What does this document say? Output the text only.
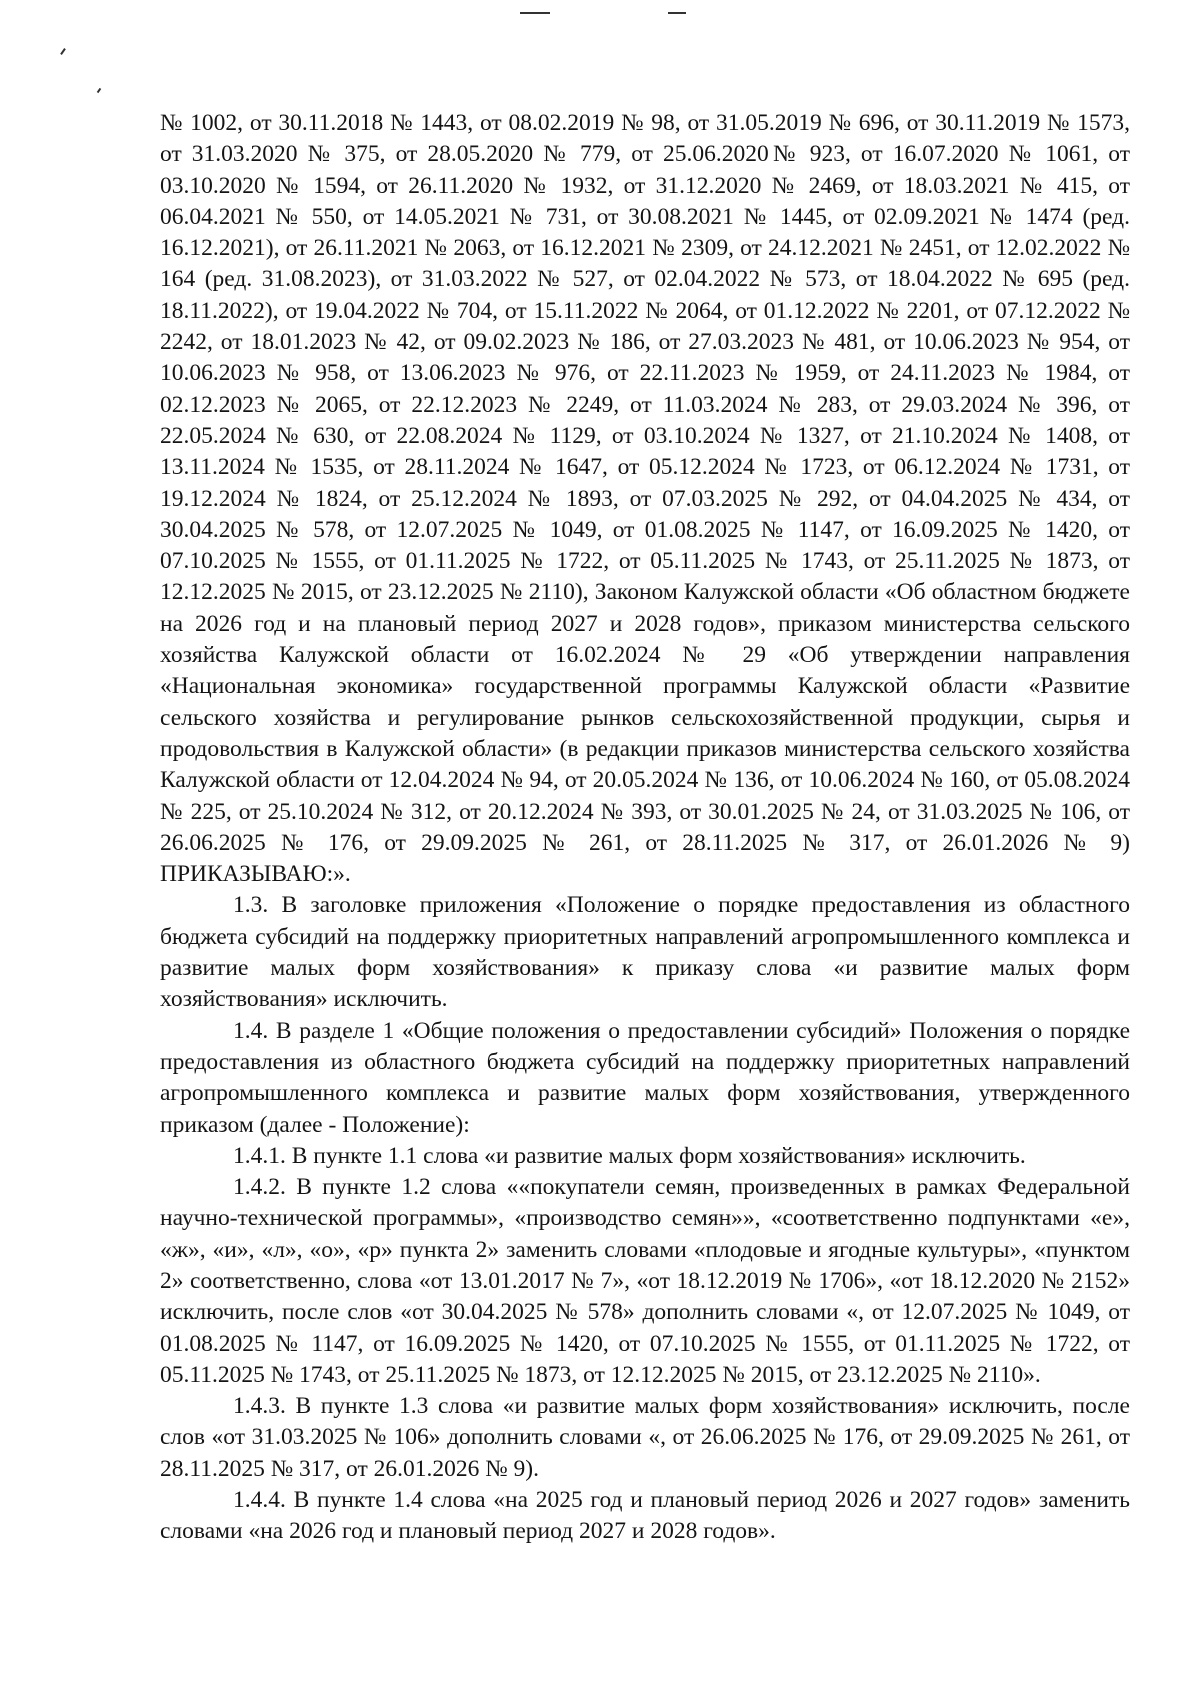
№ 1002, от 30.11.2018 № 1443, от 08.02.2019 № 98, от 31.05.2019 № 696, от 30.11.2019 № 1573, от 31.03.2020 № 375, от 28.05.2020 № 779, от 25.06.2020№ 923, от 16.07.2020 № 1061, от 03.10.2020 № 1594, от 26.11.2020 № 1932, от 31.12.2020 № 2469, от 18.03.2021 № 415, от 06.04.2021 № 550, от 14.05.2021 № 731, от 30.08.2021 № 1445, от 02.09.2021 № 1474 (ред. 16.12.2021), от 26.11.2021 № 2063, от 16.12.2021 № 2309, от 24.12.2021 № 2451, от 12.02.2022 № 164 (ред. 31.08.2023), от 31.03.2022 № 527, от 02.04.2022 № 573, от 18.04.2022 № 695 (ред. 18.11.2022), от 19.04.2022 № 704, от 15.11.2022 № 2064, от 01.12.2022 № 2201, от 07.12.2022 № 2242, от 18.01.2023 № 42, от 09.02.2023 № 186, от 27.03.2023 № 481, от 10.06.2023 № 954, от 10.06.2023 № 958, от 13.06.2023 № 976, от 22.11.2023 № 1959, от 24.11.2023 № 1984, от 02.12.2023 № 2065, от 22.12.2023 № 2249, от 11.03.2024 № 283, от 29.03.2024 № 396, от 22.05.2024 № 630, от 22.08.2024 № 1129, от 03.10.2024 № 1327, от 21.10.2024 № 1408, от 13.11.2024 № 1535, от 28.11.2024 № 1647, от 05.12.2024 № 1723, от 06.12.2024 № 1731, от 19.12.2024 № 1824, от 25.12.2024 № 1893, от 07.03.2025 № 292, от 04.04.2025 № 434, от 30.04.2025 № 578, от 12.07.2025 № 1049, от 01.08.2025 № 1147, от 16.09.2025 № 1420, от 07.10.2025 № 1555, от 01.11.2025 № 1722, от 05.11.2025 № 1743, от 25.11.2025 № 1873, от 12.12.2025 № 2015, от 23.12.2025 № 2110), Законом Калужской области «Об областном бюджете на 2026 год и на плановый период 2027 и 2028 годов», приказом министерства сельского хозяйства Калужской области от 16.02.2024 № 29 «Об утверждении направления «Национальная экономика» государственной программы Калужской области «Развитие сельского хозяйства и регулирование рынков сельскохозяйственной продукции, сырья и продовольствия в Калужской области» (в редакции приказов министерства сельского хозяйства Калужской области от 12.04.2024 № 94, от 20.05.2024 № 136, от 10.06.2024 № 160, от 05.08.2024 № 225, от 25.10.2024 № 312, от 20.12.2024 № 393, от 30.01.2025 № 24, от 31.03.2025 № 106, от 26.06.2025 № 176, от 29.09.2025 № 261, от 28.11.2025 № 317, от 26.01.2026 № 9) ПРИКАЗЫВАЮ:».

1.3. В заголовке приложения «Положение о порядке предоставления из областного бюджета субсидий на поддержку приоритетных направлений агропромышленного комплекса и развитие малых форм хозяйствования» к приказу слова «и развитие малых форм хозяйствования» исключить.

1.4. В разделе 1 «Общие положения о предоставлении субсидий» Положения о порядке предоставления из областного бюджета субсидий на поддержку приоритетных направлений агропромышленного комплекса и развитие малых форм хозяйствования, утвержденного приказом (далее - Положение):

1.4.1. В пункте 1.1 слова «и развитие малых форм хозяйствования» исключить.

1.4.2. В пункте 1.2 слова ««покупатели семян, произведенных в рамках Федеральной научно-технической программы», «производство семян»», «соответственно подпунктами «е», «ж», «и», «л», «о», «р» пункта 2» заменить словами «плодовые и ягодные культуры», «пунктом 2» соответственно, слова «от 13.01.2017 № 7», «от 18.12.2019 № 1706», «от 18.12.2020 № 2152» исключить, после слов «от 30.04.2025 № 578» дополнить словами «, от 12.07.2025 № 1049, от 01.08.2025 № 1147, от 16.09.2025 № 1420, от 07.10.2025 № 1555, от 01.11.2025 № 1722, от 05.11.2025 № 1743, от 25.11.2025 № 1873, от 12.12.2025 № 2015, от 23.12.2025 № 2110».

1.4.3. В пункте 1.3 слова «и развитие малых форм хозяйствования» исключить, после слов «от 31.03.2025 № 106» дополнить словами «, от 26.06.2025 № 176, от 29.09.2025 № 261, от 28.11.2025 № 317, от 26.01.2026 № 9).

1.4.4. В пункте 1.4 слова «на 2025 год и плановый период 2026 и 2027 годов» заменить словами «на 2026 год и плановый период 2027 и 2028 годов».
